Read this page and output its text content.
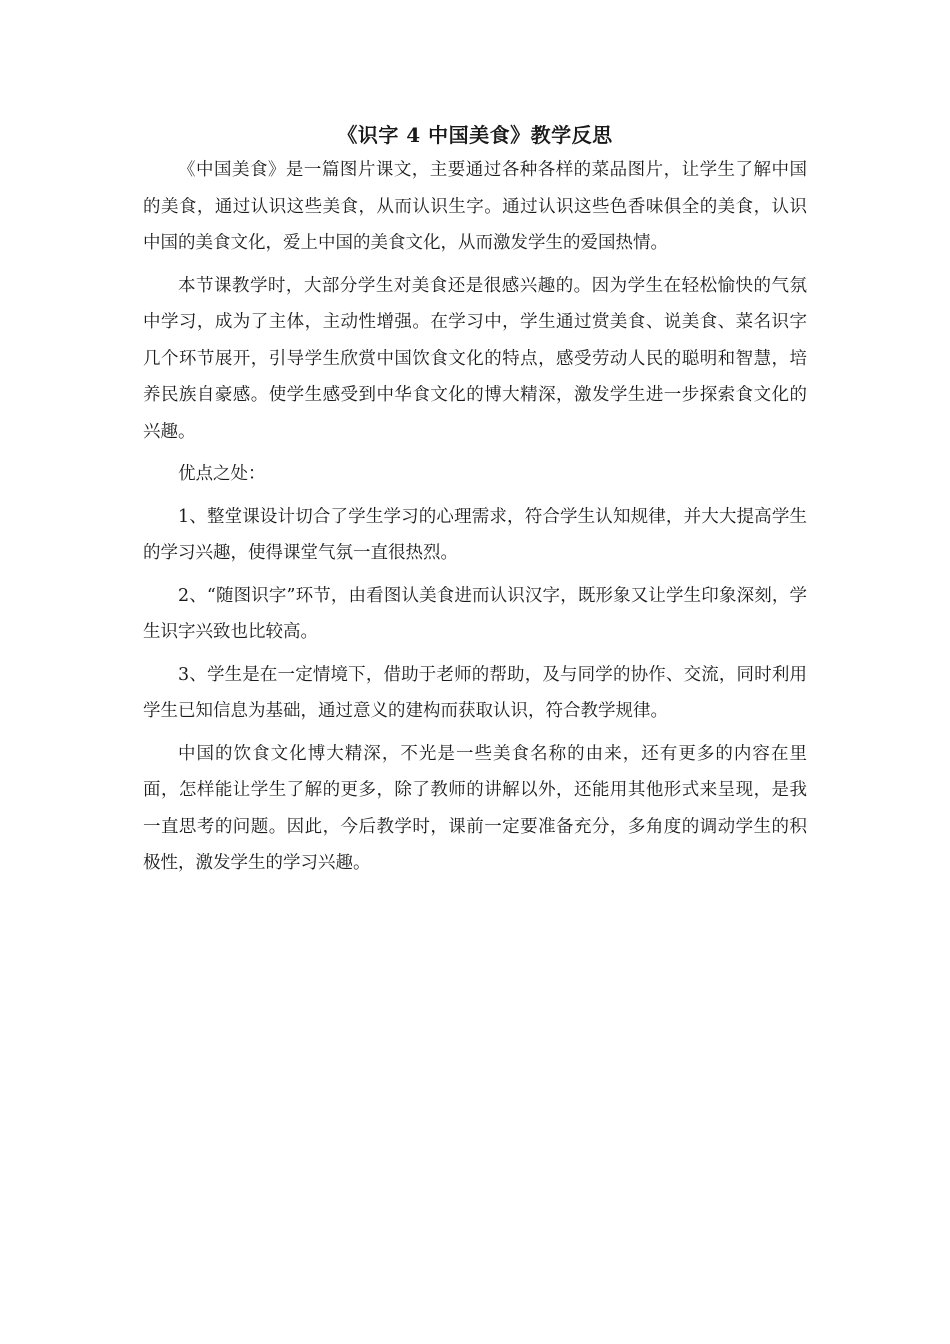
《识字 4 中国美食》教学反思

《中国美食》是一篇图片课文，主要通过各种各样的菜品图片，让学生了解中国的美食，通过认识这些美食，从而认识生字。通过认识这些色香味俱全的美食，认识中国的美食文化，爱上中国的美食文化，从而激发学生的爱国热情。

本节课教学时，大部分学生对美食还是很感兴趣的。因为学生在轻松愉快的气氛中学习，成为了主体，主动性增强。在学习中，学生通过赏美食、说美食、菜名识字几个环节展开，引导学生欣赏中国饮食文化的特点，感受劳动人民的聪明和智慧，培养民族自豪感。使学生感受到中华食文化的博大精深，激发学生进一步探索食文化的兴趣。

优点之处：

1、整堂课设计切合了学生学习的心理需求，符合学生认知规律，并大大提高学生的学习兴趣，使得课堂气氛一直很热烈。

2、“随图识字”环节，由看图认美食进而认识汉字，既形象又让学生印象深刻，学生识字兴致也比较高。

3、学生是在一定情境下，借助于老师的帮助，及与同学的协作、交流，同时利用学生已知信息为基础，通过意义的建构而获取认识，符合教学规律。

中国的饮食文化博大精深，不光是一些美食名称的由来，还有更多的内容在里面，怎样能让学生了解的更多，除了教师的讲解以外，还能用其他形式来呈现，是我一直思考的问题。因此，今后教学时，课前一定要准备充分，多角度的调动学生的积极性，激发学生的学习兴趣。
